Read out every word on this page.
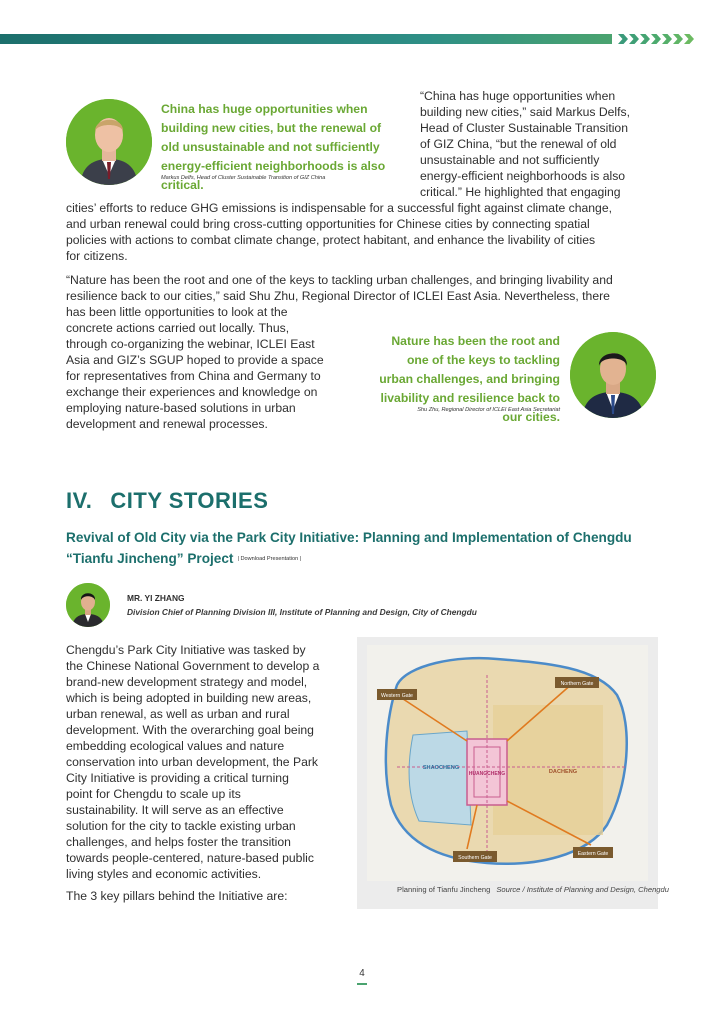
China has huge opportunities when building new cities, but the renewal of old unsustainable and not sufficiently energy-efficient neighborhoods is also critical.
Markus Delfs, Head of Cluster Sustainable Transition of GIZ China
“China has huge opportunities when
building new cities,” said Markus Delfs,
Head of Cluster Sustainable Transition
of GIZ China, “but the renewal of old
unsustainable and not sufficiently
energy-efficient neighborhoods is also
critical.” He highlighted that engaging
cities’ efforts to reduce GHG emissions is indispensable for a successful fight against climate change,
and urban renewal could bring cross-cutting opportunities for Chinese cities by connecting spatial
policies with actions to combat climate change, protect habitant, and enhance the livability of cities
for citizens.
“Nature has been the root and one of the keys to tackling urban challenges, and bringing livability and
resilience back to our cities,” said Shu Zhu, Regional Director of ICLEI East Asia. Nevertheless, there
has been little opportunities to look at the
concrete actions carried out locally. Thus,
through co-organizing the webinar, ICLEI East
Asia and GIZ’s SGUP hoped to provide a space
for representatives from China and Germany to
exchange their experiences and knowledge on
employing nature-based solutions in urban
development and renewal processes.
Nature has been the root and one of the keys to tackling urban challenges, and bringing livability and resilience back to our cities.
Shu Zhu, Regional Director of ICLEI East Asia Secretariat
IV. CITY STORIES
Revival of Old City via the Park City Initiative: Planning and Implementation of Chengdu “Tianfu Jincheng” Project | Download Presentation |
MR. YI ZHANG
Division Chief of Planning Division III, Institute of Planning and Design, City of Chengdu
Chengdu’s Park City Initiative was tasked by
the Chinese National Government to develop a
brand-new development strategy and model,
which is being adopted in building new areas,
urban renewal, as well as urban and rural
development. With the overarching goal being
embedding ecological values and nature
conservation into urban development, the Park
City Initiative is providing a critical turning
point for Chengdu to scale up its
sustainability. It will serve as an effective
solution for the city to tackle existing urban
challenges, and helps foster the transition
towards people-centered, nature-based public
living styles and economic activities.
The 3 key pillars behind the Initiative are:
Western Gate
Northern Gate
Southern Gate
Eastern Gate
SHAOCHENG
DACHENG
HUANGCHENG
Planning of Tianfu Jincheng Source / Institute of Planning and Design, Chengdu
4
